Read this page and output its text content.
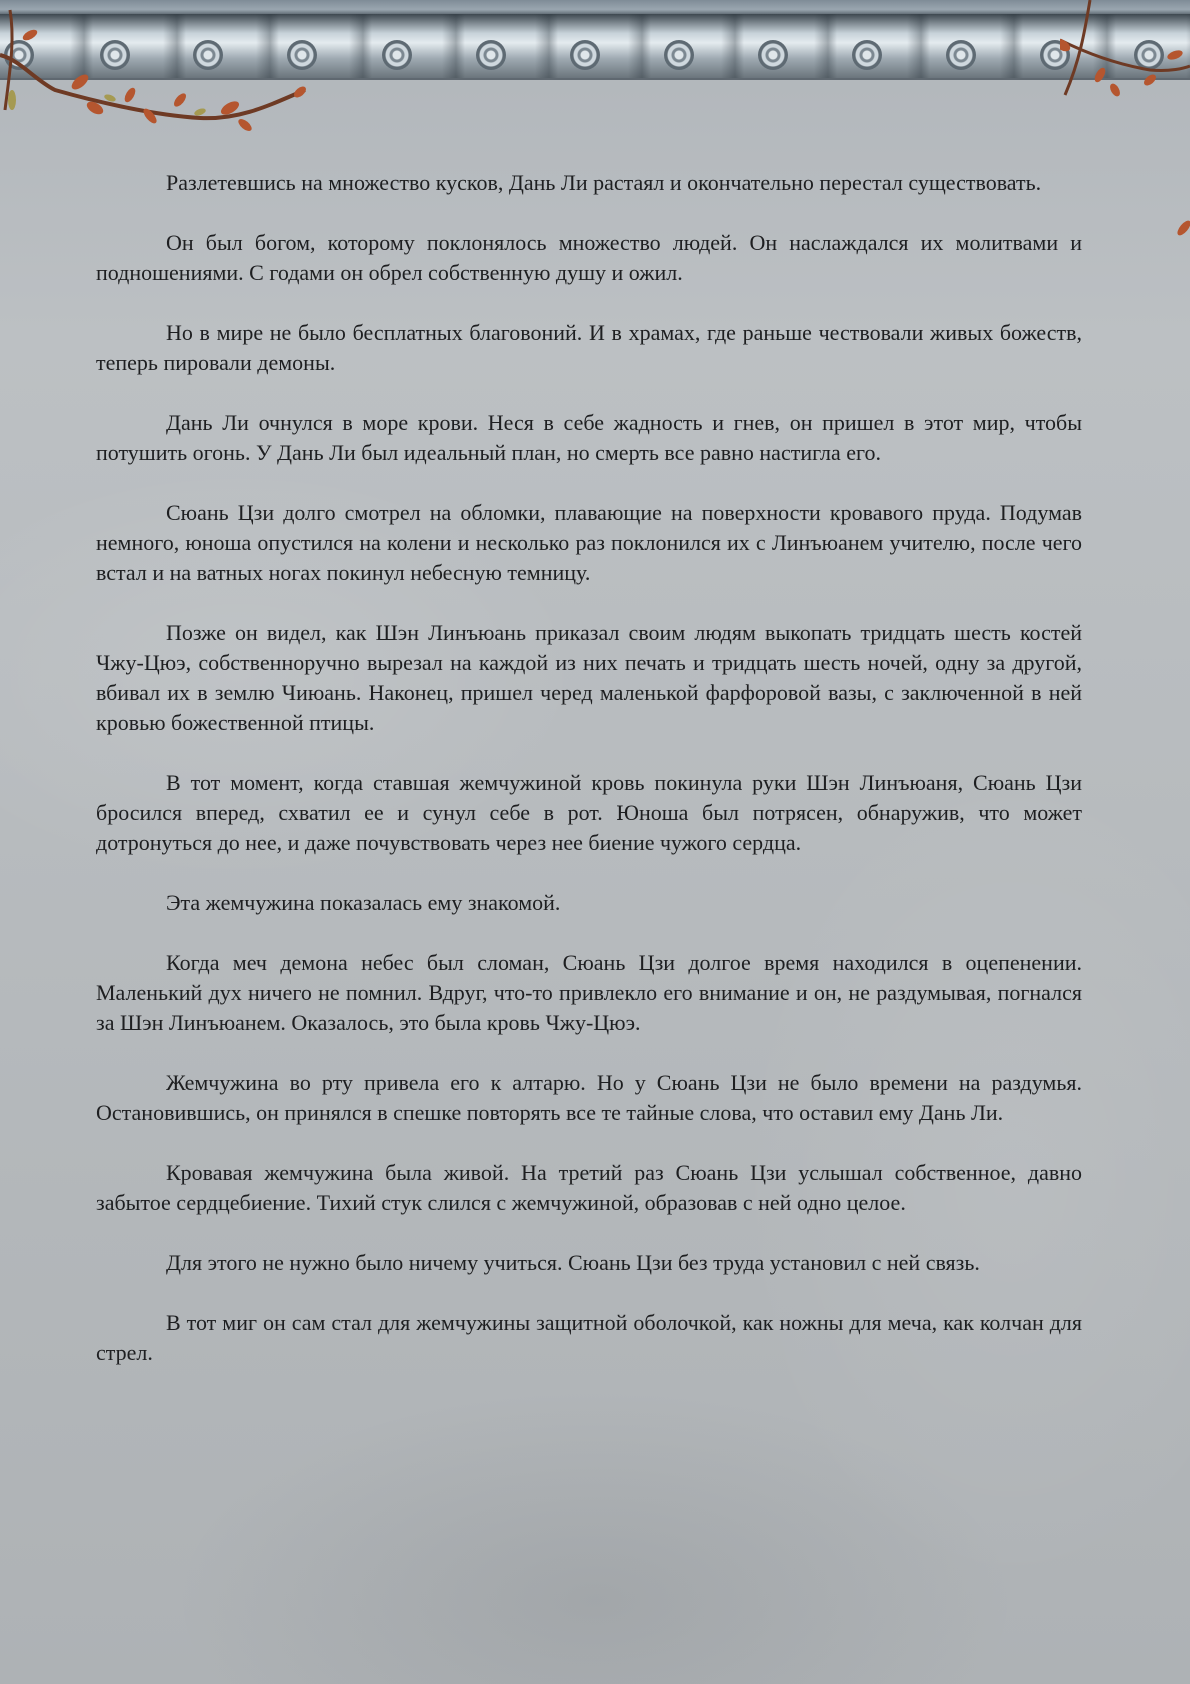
Разлетевшись на множество кусков, Дань Ли растаял и окончательно перестал существовать.

Он был богом, которому поклонялось множество людей. Он наслаждался их молитвами и подношениями. С годами он обрел собственную душу и ожил.

Но в мире не было бесплатных благовоний. И в храмах, где раньше чествовали живых божеств, теперь пировали демоны.

Дань Ли очнулся в море крови. Неся в себе жадность и гнев, он пришел в этот мир, чтобы потушить огонь. У Дань Ли был идеальный план, но смерть все равно настигла его.

Сюань Цзи долго смотрел на обломки, плавающие на поверхности кровавого пруда. Подумав немного, юноша опустился на колени и несколько раз поклонился их с Линъюанем учителю, после чего встал и на ватных ногах покинул небесную темницу.

Позже он видел, как Шэн Линъюань приказал своим людям выкопать тридцать шесть костей Чжу-Цюэ, собственноручно вырезал на каждой из них печать и тридцать шесть ночей, одну за другой, вбивал их в землю Чиюань. Наконец, пришел черед маленькой фарфоровой вазы, с заключенной в ней кровью божественной птицы.

В тот момент, когда ставшая жемчужиной кровь покинула руки Шэн Линъюаня, Сюань Цзи бросился вперед, схватил ее и сунул себе в рот. Юноша был потрясен, обнаружив, что может дотронуться до нее, и даже почувствовать через нее биение чужого сердца.

Эта жемчужина показалась ему знакомой.

Когда меч демона небес был сломан, Сюань Цзи долгое время находился в оцепенении. Маленький дух ничего не помнил. Вдруг, что-то привлекло его внимание и он, не раздумывая, погнался за Шэн Линъюанем. Оказалось, это была кровь Чжу-Цюэ.

Жемчужина во рту привела его к алтарю. Но у Сюань Цзи не было времени на раздумья. Остановившись, он принялся в спешке повторять все те тайные слова, что оставил ему Дань Ли.

Кровавая жемчужина была живой. На третий раз Сюань Цзи услышал собственное, давно забытое сердцебиение. Тихий стук слился с жемчужиной, образовав с ней одно целое.

Для этого не нужно было ничему учиться. Сюань Цзи без труда установил с ней связь.

В тот миг он сам стал для жемчужины защитной оболочкой, как ножны для меча, как колчан для стрел.
